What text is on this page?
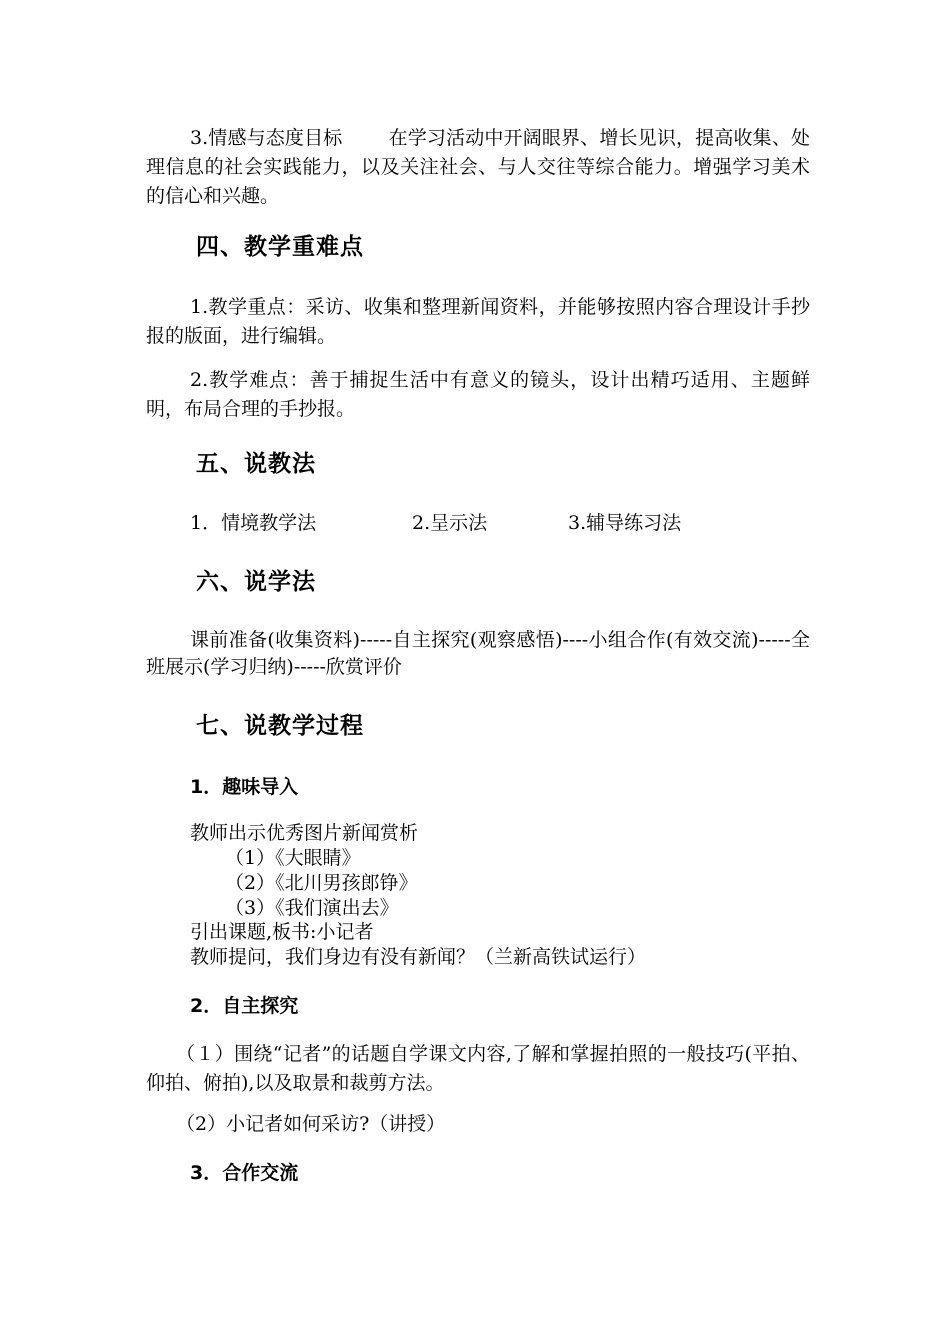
3.情感与态度目标 在学习活动中开阔眼界、增长见识，提高收集、处理信息的社会实践能力，以及关注社会、与人交往等综合能力。增强学习美术的信心和兴趣。
四、教学重难点
1.教学重点：采访、收集和整理新闻资料，并能够按照内容合理设计手抄报的版面，进行编辑。
2.教学难点：善于捕捉生活中有意义的镜头，设计出精巧适用、主题鲜明，布局合理的手抄报。
五、说教法
1．情境教学法	2.呈示法	3.辅导练习法
六、说学法
课前准备(收集资料)-----自主探究(观察感悟)----小组合作(有效交流)-----全班展示(学习归纳)-----欣赏评价
七、说教学过程
1．趣味导入
教师出示优秀图片新闻赏析
（1）《大眼睛》
（2）《北川男孩郎铮》
（3）《我们演出去》
引出课题,板书:小记者
教师提问，我们身边有没有新闻？（兰新高铁试运行）
2．自主探究
（１）围绕“记者”的话题自学课文内容,了解和掌握拍照的一般技巧(平拍、仰拍、俯拍),以及取景和裁剪方法。
（2）小记者如何采访?（讲授）
3．合作交流
